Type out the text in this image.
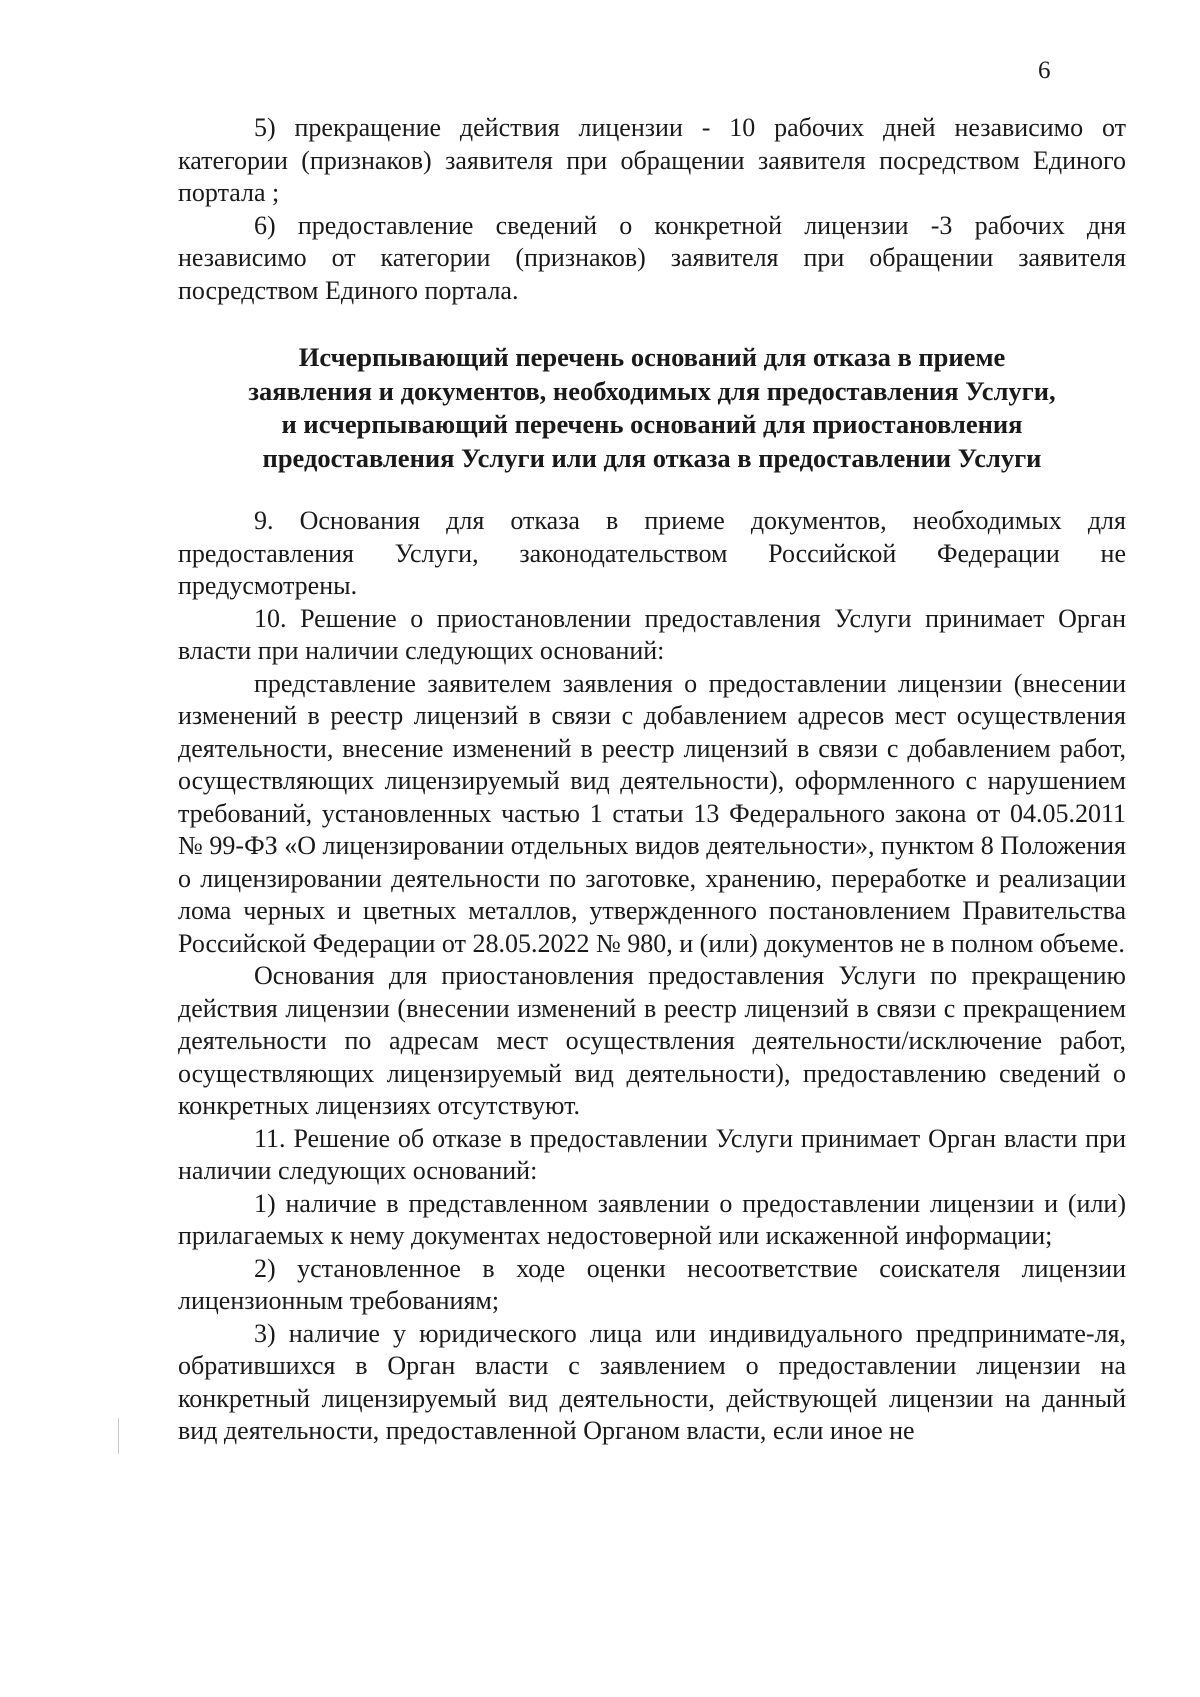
6

5) прекращение действия лицензии - 10 рабочих дней независимо от категории (признаков) заявителя при обращении заявителя посредством Единого портала ;

6) предоставление сведений о конкретной лицензии -3 рабочих дня независимо от категории (признаков) заявителя при обращении заявителя посредством Единого портала.

Исчерпывающий перечень оснований для отказа в приеме
заявления и документов, необходимых для предоставления Услуги,
и исчерпывающий перечень оснований для приостановления
предоставления Услуги или для отказа в предоставлении Услуги

9. Основания для отказа в приеме документов, необходимых для предоставления Услуги, законодательством Российской Федерации не предусмотрены.

10. Решение о приостановлении предоставления Услуги принимает Орган власти при наличии следующих оснований:

представление заявителем заявления о предоставлении лицензии (внесении изменений в реестр лицензий в связи с добавлением адресов мест осуществления деятельности, внесение изменений в реестр лицензий в связи с добавлением работ, осуществляющих лицензируемый вид деятельности), оформленного с нарушением требований, установленных частью 1 статьи 13 Федерального закона от 04.05.2011 № 99-ФЗ «О лицензировании отдельных видов деятельности», пунктом 8 Положения о лицензировании деятельности по заготовке, хранению, переработке и реализации лома черных и цветных металлов, утвержденного постановлением Правительства Российской Федерации от 28.05.2022 № 980, и (или) документов не в полном объеме.

Основания для приостановления предоставления Услуги по прекращению действия лицензии (внесении изменений в реестр лицензий в связи с прекращением деятельности по адресам мест осуществления деятельности/исключение работ, осуществляющих лицензируемый вид деятельности), предоставлению сведений о конкретных лицензиях отсутствуют.

11. Решение об отказе в предоставлении Услуги принимает Орган власти при наличии следующих оснований:

1) наличие в представленном заявлении о предоставлении лицензии и (или) прилагаемых к нему документах недостоверной или искаженной информации;

2) установленное в ходе оценки несоответствие соискателя лицензии лицензионным требованиям;

3) наличие у юридического лица или индивидуального предпринимате-ля, обратившихся в Орган власти с заявлением о предоставлении лицензии на конкретный лицензируемый вид деятельности, действующей лицензии на данный вид деятельности, предоставленной Органом власти, если иное не
